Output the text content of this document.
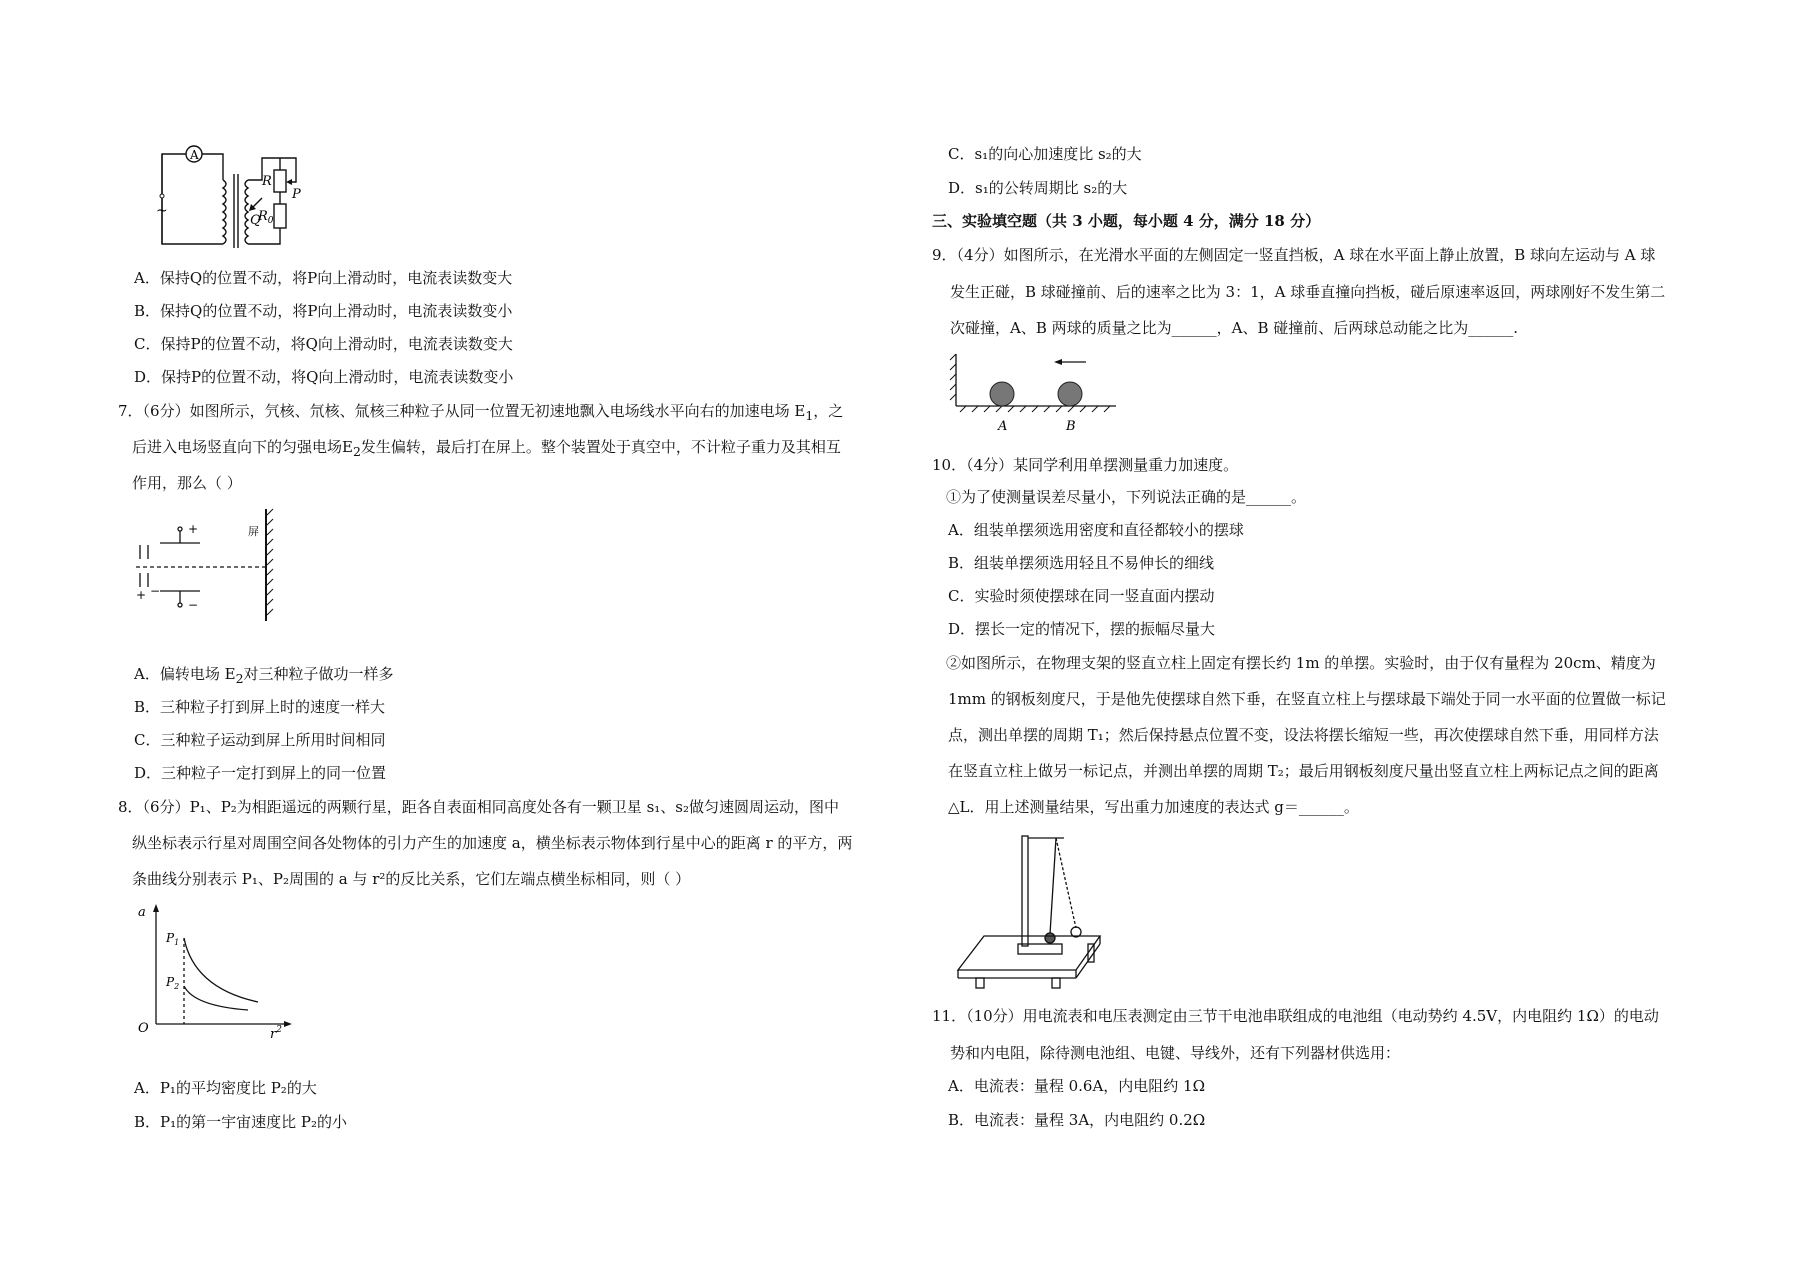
A
~
R
P
Q
$R_0$
A．保持Q的位置不动，将P向上滑动时，电流表读数变大
B．保持Q的位置不动，将P向上滑动时，电流表读数变小
C．保持P的位置不动，将Q向上滑动时，电流表读数变大
D．保持P的位置不动，将Q向上滑动时，电流表读数变小
7．（6分）如图所示，氕核、氘核、氚核三种粒子从同一位置无初速地飘入电场线水平向右的加速电场 $E_1$，之
后进入电场竖直向下的匀强电场$E_2$发生偏转，最后打在屏上。整个装置处于真空中，不计粒子重力及其相互
作用，那么（ ）
屏
+
−
−
+
A．偏转电场 $E_2$对三种粒子做功一样多
B．三种粒子打到屏上时的速度一样大
C．三种粒子运动到屏上所用时间相同
D．三种粒子一定打到屏上的同一位置
8．（6分）P₁、P₂为相距遥远的两颗行星，距各自表面相同高度处各有一颗卫星 s₁、s₂做匀速圆周运动，图中
纵坐标表示行星对周围空间各处物体的引力产生的加速度 a，横坐标表示物体到行星中心的距离 r 的平方，两
条曲线分别表示 P₁、P₂周围的 a 与 r²的反比关系，它们左端点横坐标相同，则（ ）
a
O	$r^2$
$P_1$
$P_2$
A．P₁的平均密度比 P₂的大
B．P₁的第一宇宙速度比 P₂的小
C．s₁的向心加速度比 s₂的大
D．s₁的公转周期比 s₂的大
三、实验填空题（共 3 小题，每小题 4 分，满分 18 分）
9．（4分）如图所示，在光滑水平面的左侧固定一竖直挡板，A 球在水平面上静止放置，B 球向左运动与 A 球
发生正碰，B 球碰撞前、后的速率之比为 3：1，A 球垂直撞向挡板，碰后原速率返回，两球刚好不发生第二
次碰撞，A、B 两球的质量之比为______，A、B 碰撞前、后两球总动能之比为______.
A	B
10．（4分）某同学利用单摆测量重力加速度。
①为了使测量误差尽量小，下列说法正确的是______。
A．组装单摆须选用密度和直径都较小的摆球
B．组装单摆须选用轻且不易伸长的细线
C．实验时须使摆球在同一竖直面内摆动
D．摆长一定的情况下，摆的振幅尽量大
②如图所示，在物理支架的竖直立柱上固定有摆长约 1m 的单摆。实验时，由于仅有量程为 20cm、精度为
1mm 的钢板刻度尺，于是他先使摆球自然下垂，在竖直立柱上与摆球最下端处于同一水平面的位置做一标记
点，测出单摆的周期 T₁；然后保持悬点位置不变，设法将摆长缩短一些，再次使摆球自然下垂，用同样方法
在竖直立柱上做另一标记点，并测出单摆的周期 T₂；最后用钢板刻度尺量出竖直立柱上两标记点之间的距离
△L．用上述测量结果，写出重力加速度的表达式 g＝______。
11．（10分）用电流表和电压表测定由三节干电池串联组成的电池组（电动势约 4.5V，内电阻约 1Ω）的电动
势和内电阻，除待测电池组、电键、导线外，还有下列器材供选用：
A．电流表：量程 0.6A，内电阻约 1Ω
B．电流表：量程 3A，内电阻约 0.2Ω
